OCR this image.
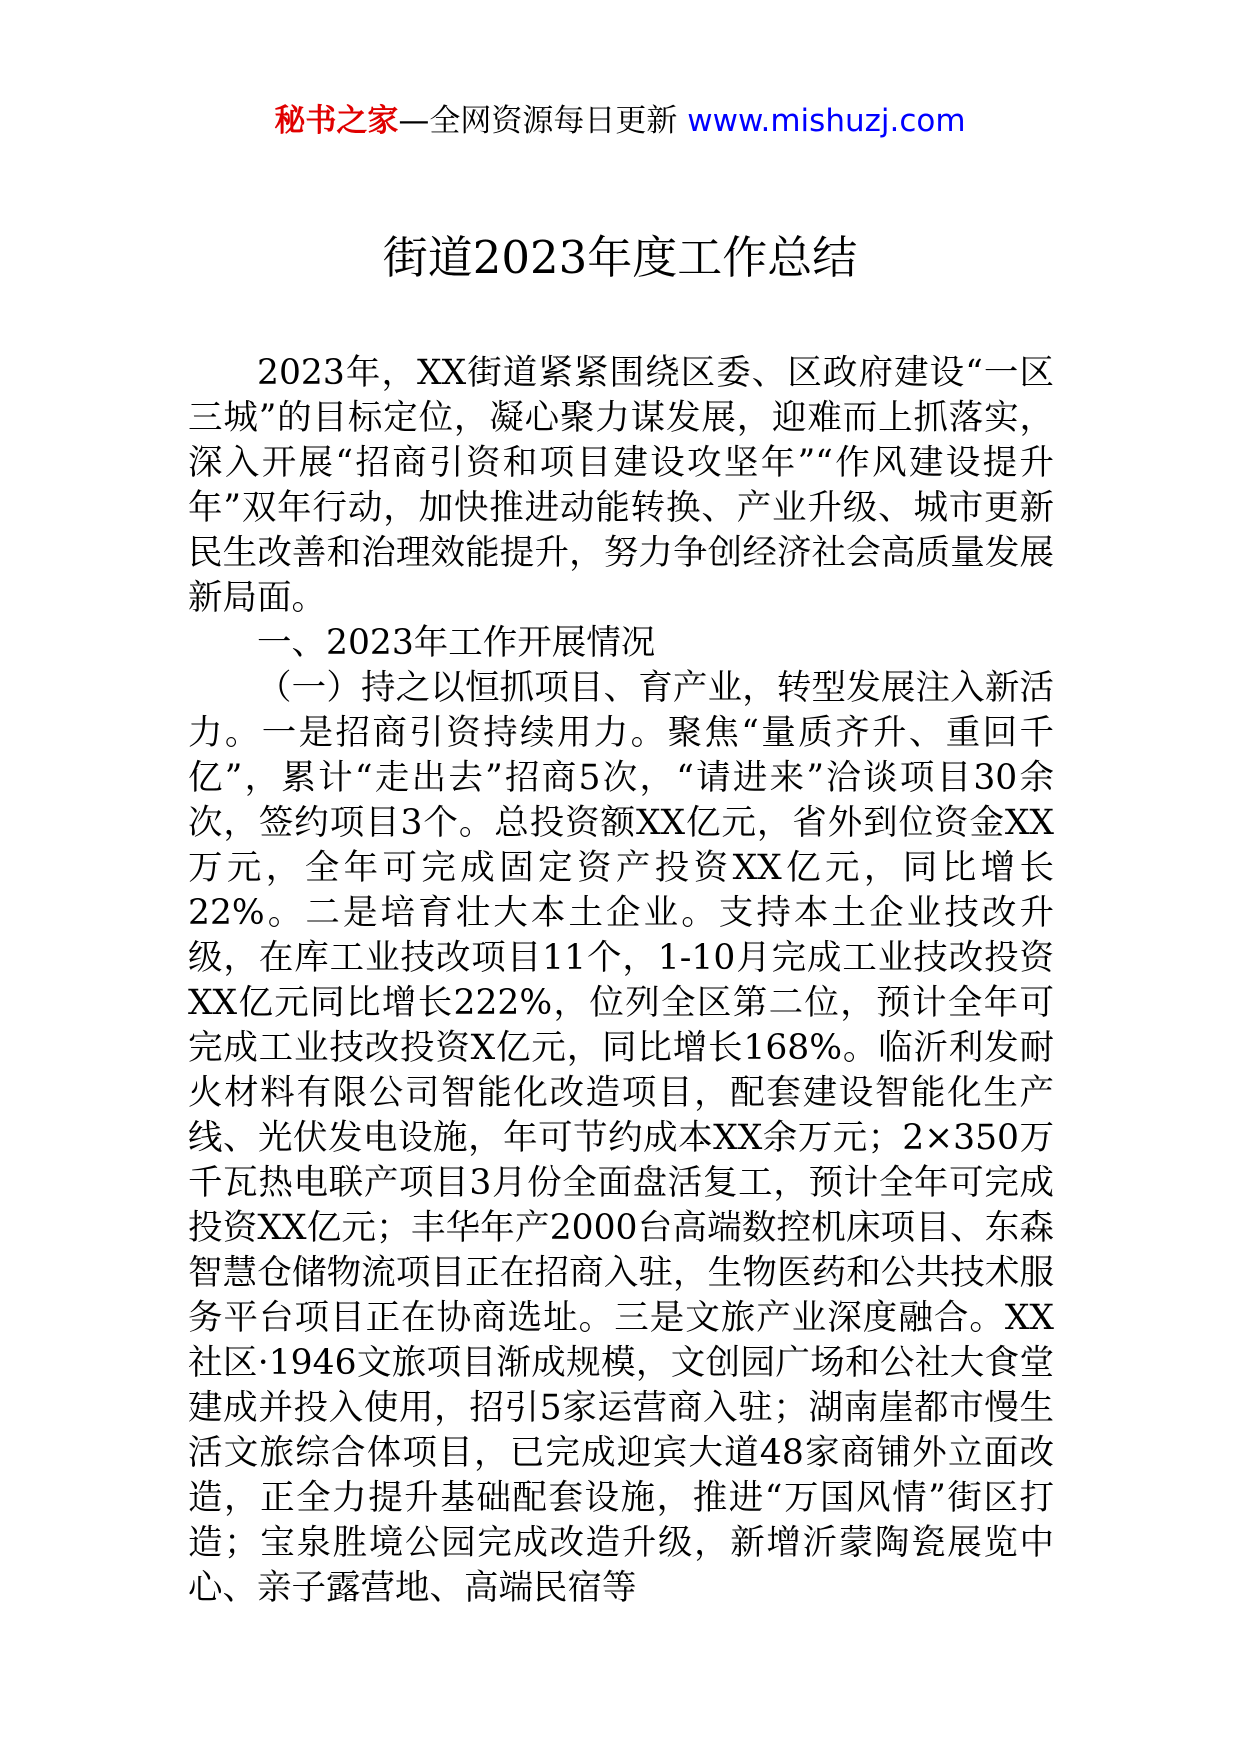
秘书之家—全网资源每日更新 www.mishuzj.com
街道2023年度工作总结

2023年，XX街道紧紧围绕区委、区政府建设“一区三城”的目标定位，凝心聚力谋发展，迎难而上抓落实，深入开展“招商引资和项目建设攻坚年”“作风建设提升年”双年行动，加快推进动能转换、产业升级、城市更新民生改善和治理效能提升，努力争创经济社会高质量发展新局面。

一、2023年工作开展情况

（一）持之以恒抓项目、育产业，转型发展注入新活力。一是招商引资持续用力。聚焦“量质齐升、重回千亿”，累计“走出去”招商5次，“请进来”洽谈项目30余次，签约项目3个。总投资额XX亿元，省外到位资金XX万元，全年可完成固定资产投资XX亿元，同比增长22%。二是培育壮大本土企业。支持本土企业技改升级，在库工业技改项目11个，1-10月完成工业技改投资XX亿元同比增长222%，位列全区第二位，预计全年可完成工业技改投资X亿元，同比增长168%。临沂利发耐火材料有限公司智能化改造项目，配套建设智能化生产线、光伏发电设施，年可节约成本XX余万元；2×350万千瓦热电联产项目3月份全面盘活复工，预计全年可完成投资XX亿元；丰华年产2000台高端数控机床项目、东森智慧仓储物流项目正在招商入驻，生物医药和公共技术服务平台项目正在协商选址。三是文旅产业深度融合。XX社区·1946文旅项目渐成规模，文创园广场和公社大食堂建成并投入使用，招引5家运营商入驻；湖南崖都市慢生活文旅综合体项目，已完成迎宾大道48家商铺外立面改造，正全力提升基础配套设施，推进“万国风情”街区打造；宝泉胜境公园完成改造升级，新增沂蒙陶瓷展览中心、亲子露营地、高端民宿等
